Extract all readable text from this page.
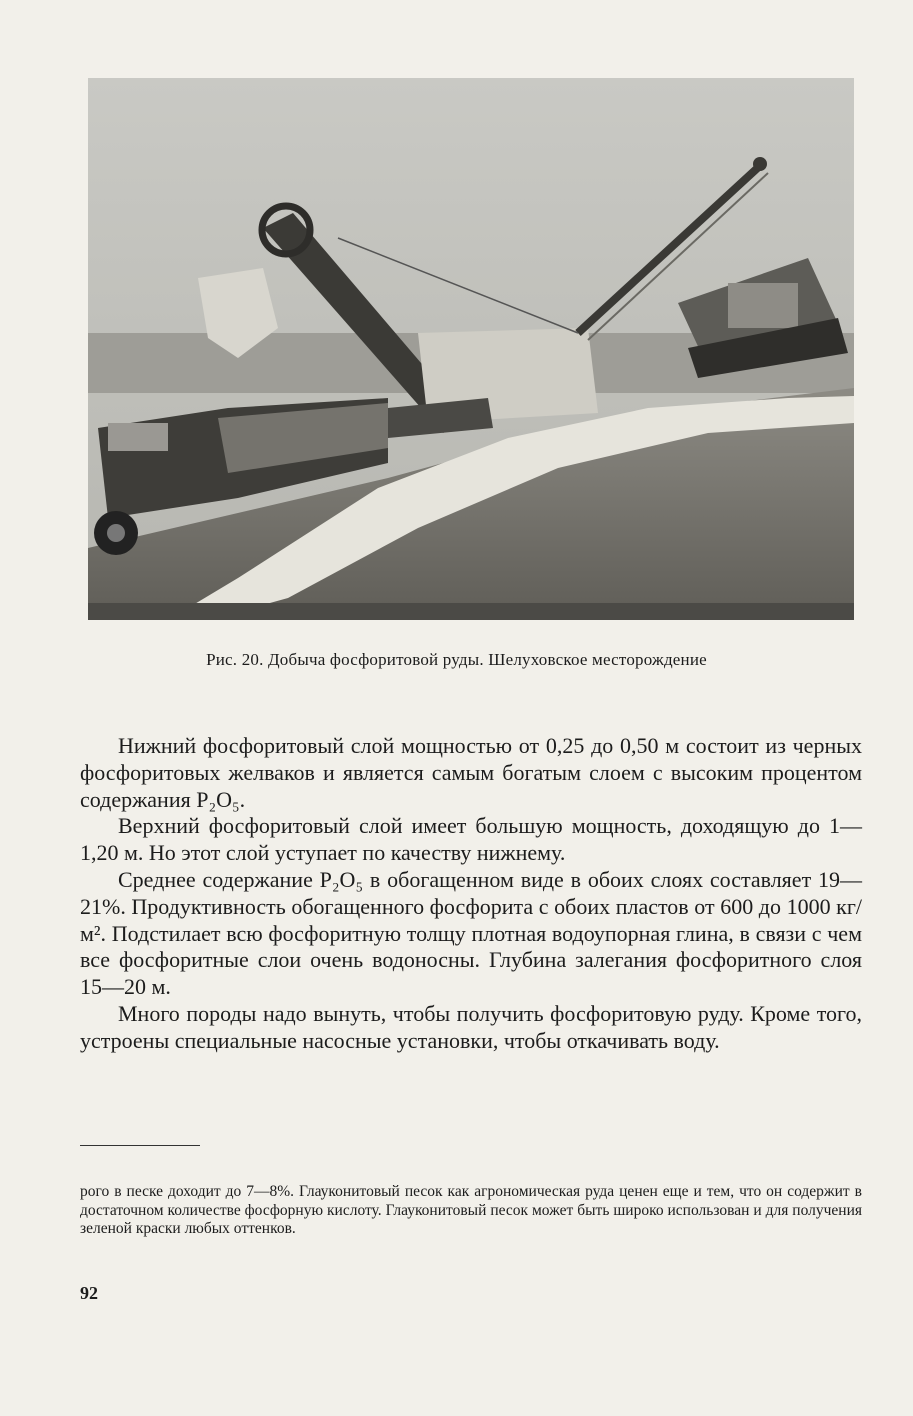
Рис. 20. Добыча фосфоритовой руды. Шелуховское месторождение

Нижний фосфоритовый слой мощностью от 0,25 до 0,50 м состоит из черных фосфоритовых желваков и является самым богатым слоем с высоким процентом содержания P₂O₅.

Верхний фосфоритовый слой имеет большую мощность, доходящую до 1—1,20 м. Но этот слой уступает по качеству нижнему.

Среднее содержание P₂O₅ в обогащенном виде в обоих слоях составляет 19—21%. Продуктивность обогащенного фосфорита с обоих пластов от 600 до 1000 кг/м². Подстилает всю фосфоритную толщу плотная водоупорная глина, в связи с чем все фосфоритные слои очень водоносны. Глубина залегания фосфоритного слоя 15—20 м.

Много породы надо вынуть, чтобы получить фосфоритовую руду. Кроме того, устроены специальные насосные установки, чтобы откачивать воду.

рого в песке доходит до 7—8%. Глауконитовый песок как агрономическая руда ценен еще и тем, что он содержит в достаточном количестве фосфорную кислоту. Глауконитовый песок может быть широко использован и для получения зеленой краски любых оттенков.
92
